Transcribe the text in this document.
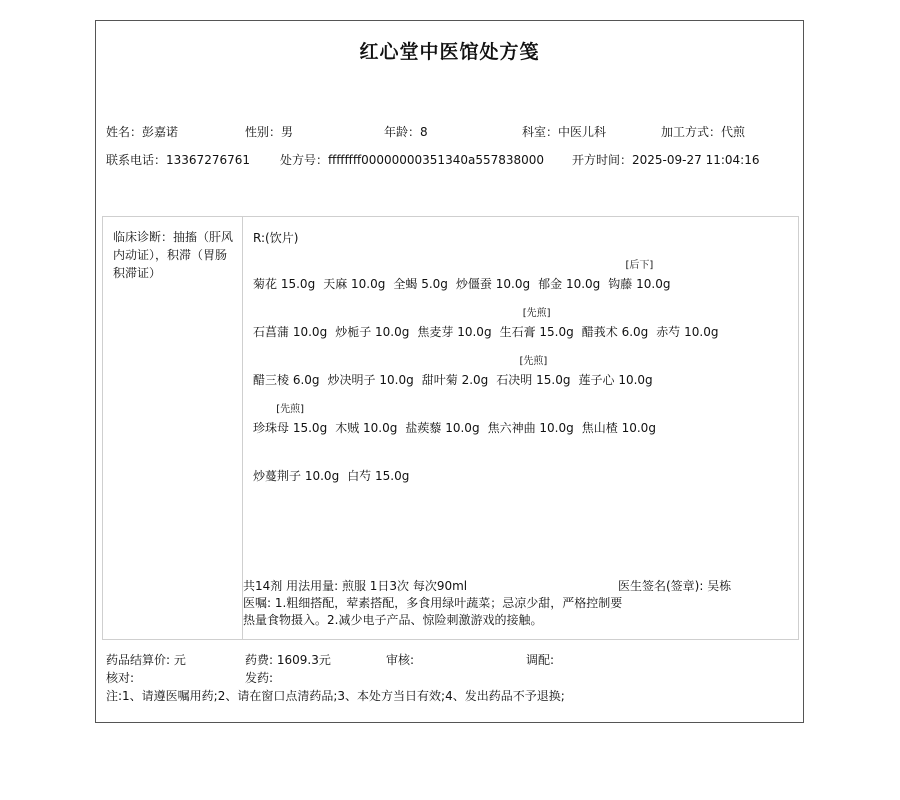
红心堂中医馆处方笺
姓名：彭嘉诺	性别：男	年龄：8	科室：中医儿科	加工方式：代煎
联系电话：13367276761	处方号：ffffffff00000000351340a557838000 开方时间：2025-09-27 11:04:16
临床诊断：抽搐（肝风内动证），积滞（胃肠积滞证）
R:(饮片)
菊花 15.0g 天麻 10.0g 全蝎 5.0g 炒僵蚕 10.0g 郁金 10.0g
[后下]
钩藤 10.0g
石菖蒲 10.0g 炒栀子 10.0g 焦麦芽 10.0g
[先煎]
生石膏 15.0g 醋莪术 6.0g 赤芍 10.0g
醋三棱 6.0g 炒决明子 10.0g 甜叶菊 2.0g
[先煎]
石决明 15.0g 莲子心 10.0g
[先煎]
珍珠母 15.0g 木贼 10.0g 盐蒺藜 10.0g 焦六神曲 10.0g 焦山楂 10.0g
炒蔓荆子 10.0g 白芍 15.0g
共14剂 用法用量: 煎服 1日3次 每次90ml	医生签名(签章): 吴栋
医嘱: 1.粗细搭配，荤素搭配，多食用绿叶蔬菜；忌凉少甜，严格控制要热量食物摄入。2.减少电子产品、惊险刺激游戏的接触。
药品结算价: 元	药费: 1609.3元	审核:	调配:
核对:	发药:
注:1、请遵医嘱用药;2、请在窗口点清药品;3、本处方当日有效;4、发出药品不予退换;
